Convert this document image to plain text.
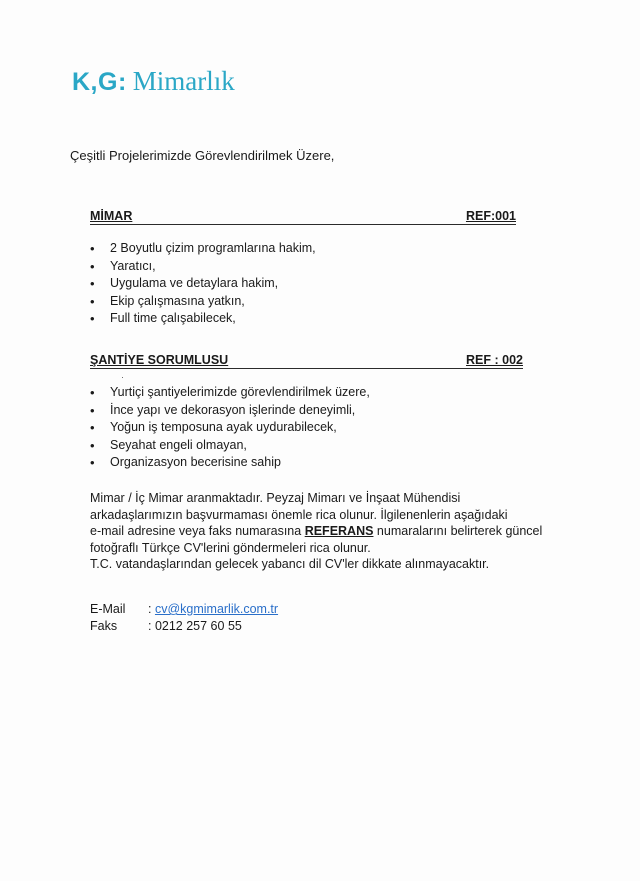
K,G: Mimarlık
Çeşitli Projelerimizde Görevlendirilmek Üzere,
MİMAR	REF:001
• 2 Boyutlu çizim programlarına hakim,
• Yaratıcı,
• Uygulama ve detaylara hakim,
• Ekip çalışmasına yatkın,
• Full time çalışabilecek,
ŞANTİYE SORUMLUSU	REF : 002
·
• Yurtiçi şantiyelerimizde görevlendirilmek üzere,
• İnce yapı ve dekorasyon işlerinde deneyimli,
• Yoğun iş temposuna ayak uydurabilecek,
• Seyahat engeli olmayan,
• Organizasyon becerisine sahip
Mimar / İç Mimar aranmaktadır. Peyzaj Mimarı ve İnşaat Mühendisi
arkadaşlarımızın başvurmaması önemle rica olunur. İlgilenenlerin aşağıdaki
e-mail adresine veya faks numarasına REFERANS numaralarını belirterek güncel
fotoğraflı Türkçe CV'lerini göndermeleri rica olunur.
T.C. vatandaşlarından gelecek yabancı dil CV'ler dikkate alınmayacaktır.
E-Mail	: cv@kgmimarlik.com.tr
Faks	: 0212 257 60 55
